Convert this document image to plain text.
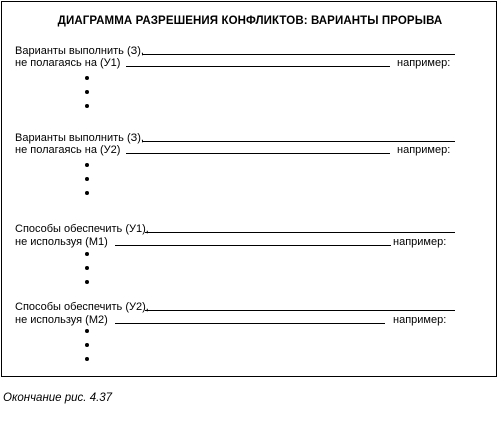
ДИАГРАММА РАЗРЕШЕНИЯ КОНФЛИКТОВ: ВАРИАНТЫ ПРОРЫВА
Варианты выполнить (З),
не полагаясь на (У1)	например:
Варианты выполнить (З),
не полагаясь на (У2)	например:
Способы обеспечить (У1),
не используя (М1)	например:
Способы обеспечить (У2),
не используя (М2)	например:
Окончание рис. 4.37
